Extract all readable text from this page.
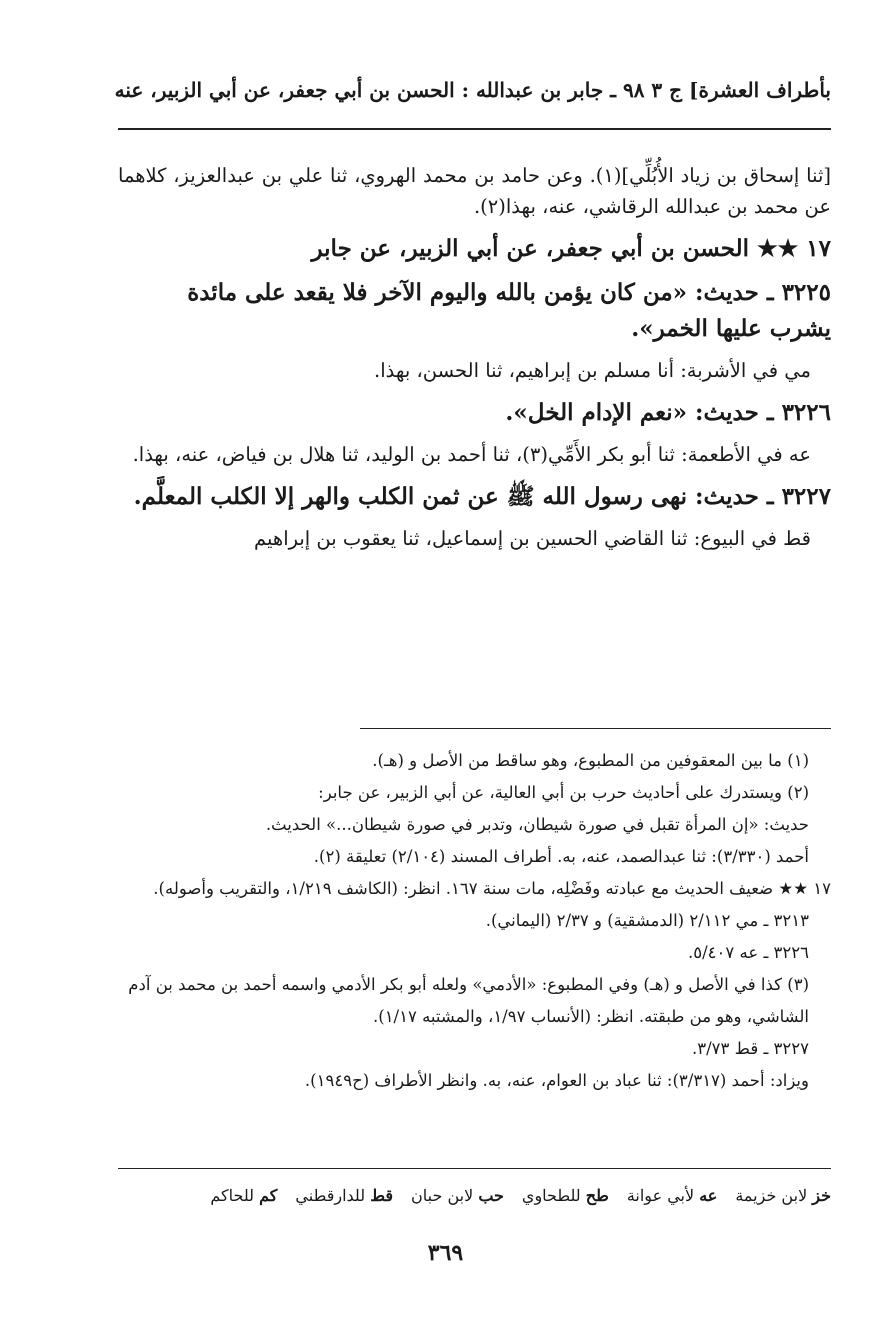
بأطراف العشرة] ج ٣ ٩٨ ـ جابر بن عبدالله : الحسن بن أبي جعفر، عن أبي الزبير، عنه

[ثنا إسحاق بن زياد الأُبُلِّي](١). وعن حامد بن محمد الهروي، ثنا علي بن عبدالعزيز، كلاهما عن محمد بن عبدالله الرقاشي، عنه، بهذا(٢).

١٧ ★★ الحسن بن أبي جعفر، عن أبي الزبير، عن جابر

٣٢٢٥ ـ حديث: «من كان يؤمن بالله واليوم الآخر فلا يقعد على مائدة يشرب عليها الخمر».

مي في الأشربة: أنا مسلم بن إبراهيم، ثنا الحسن، بهذا.

٣٢٢٦ ـ حديث: «نعم الإدام الخل».

عه في الأطعمة: ثنا أبو بكر الأَمِّي(٣)، ثنا أحمد بن الوليد، ثنا هلال بن فياض، عنه، بهذا.

٣٢٢٧ ـ حديث: نهى رسول الله ﷺ عن ثمن الكلب والهر إلا الكلب المعلَّم.

قط في البيوع: ثنا القاضي الحسين بن إسماعيل، ثنا يعقوب بن إبراهيم

(١) ما بين المعقوفين من المطبوع، وهو ساقط من الأصل و (هـ).

(٢) ويستدرك على أحاديث حرب بن أبي العالية، عن أبي الزبير، عن جابر:

حديث: «إن المرأة تقبل في صورة شيطان، وتدبر في صورة شيطان...» الحديث.

أحمد (٣/٣٣٠): ثنا عبدالصمد، عنه، به. أطراف المسند (٢/١٠٤) تعليقة (٢).

١٧ ★★ ضعيف الحديث مع عبادته وفَضْلِه، مات سنة ١٦٧. انظر: (الكاشف ١/٢١٩، والتقريب وأصوله).

٣٢١٣ ـ مي ٢/١١٢ (الدمشقية) و ٢/٣٧ (اليماني).

٣٢٢٦ ـ عه ٥/٤٠٧.

(٣) كذا في الأصل و (هـ) وفي المطبوع: «الأدمي» ولعله أبو بكر الأدمي واسمه أحمد بن محمد بن آدم الشاشي، وهو من طبقته. انظر: (الأنساب ١/٩٧، والمشتبه ١/١٧).

٣٢٢٧ ـ قط ٣/٧٣.

ويزاد: أحمد (٣/٣١٧): ثنا عباد بن العوام، عنه، به. وانظر الأطراف (ح١٩٤٩).

خز لابن خزيمة
عه لأبي عوانة
طح للطحاوي
حب لابن حبان
قط للدارقطني
كم للحاكم
٣٦٩
